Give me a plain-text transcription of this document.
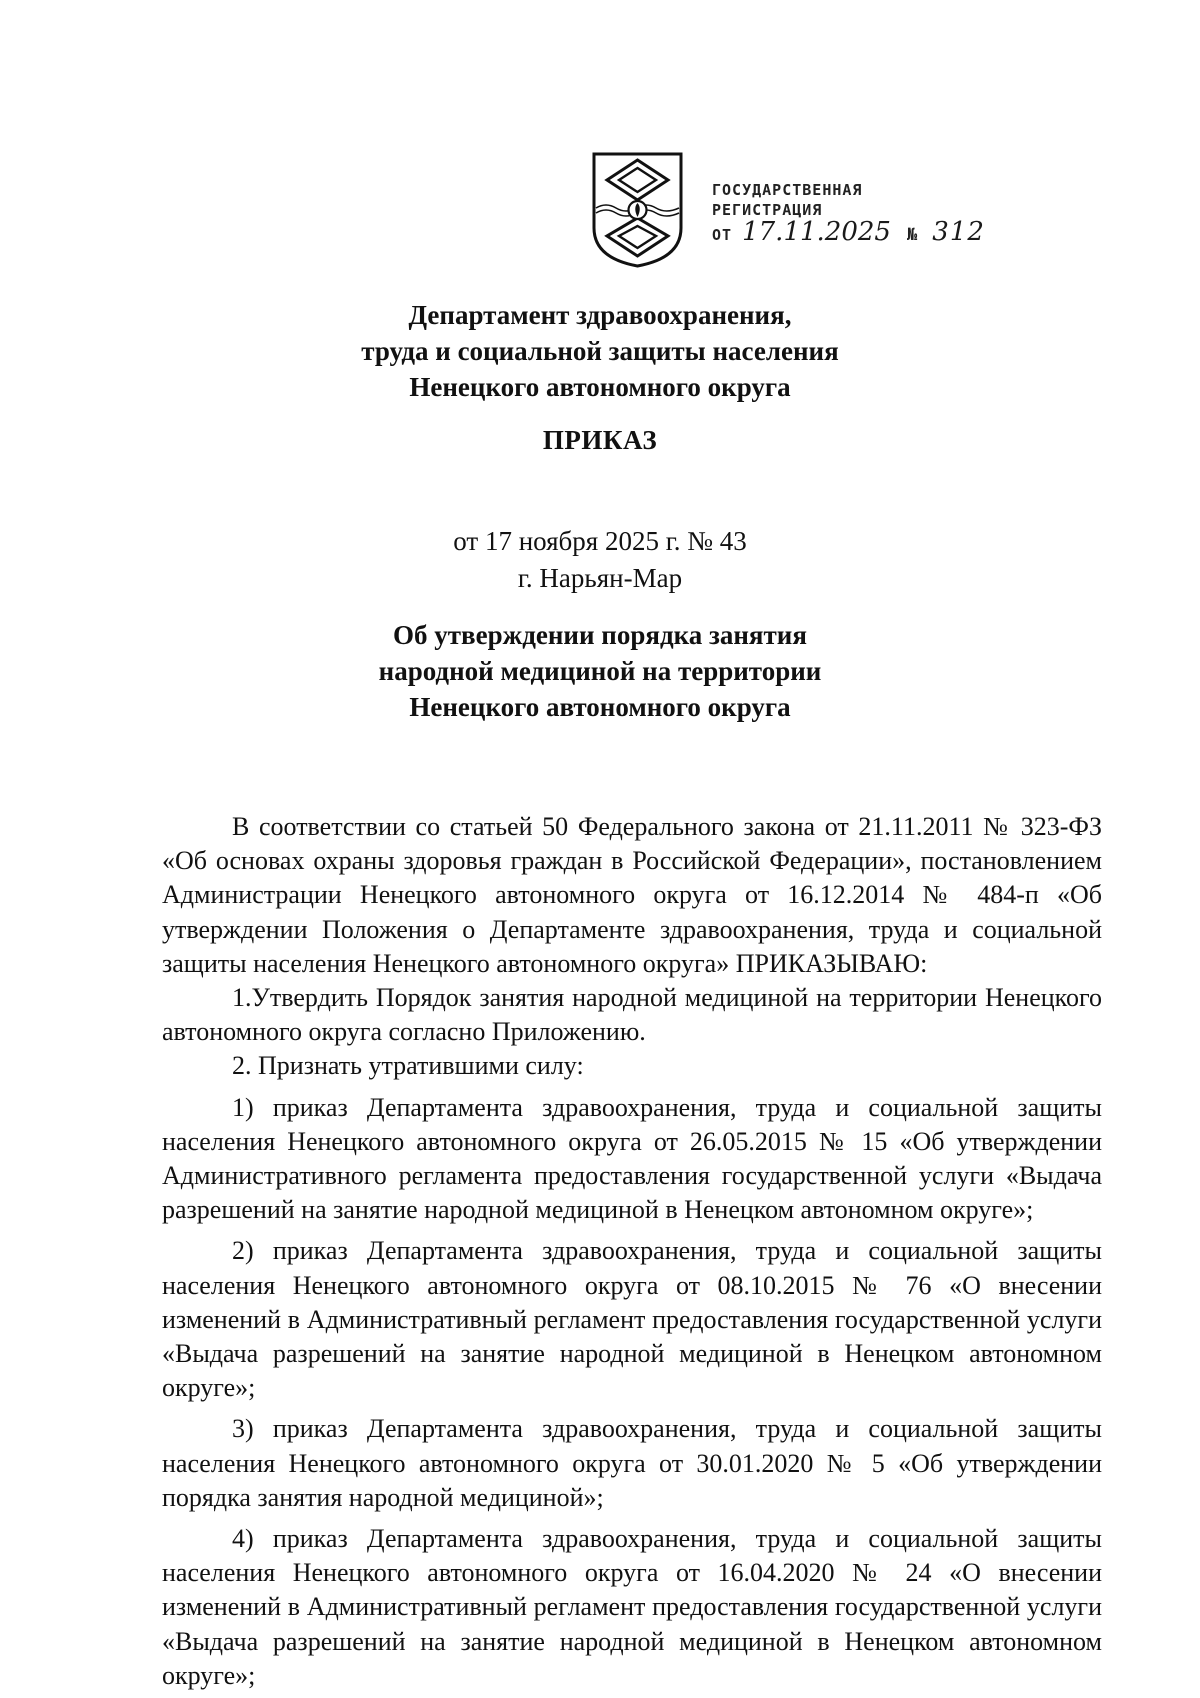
ГОСУДАРСТВЕННАЯ
РЕГИСТРАЦИЯ
ОТ 17.11.2025 № 312
Департамент здравоохранения,
труда и социальной защиты населения
Ненецкого автономного округа
ПРИКАЗ
от 17 ноября 2025 г. № 43
г. Нарьян-Мар
Об утверждении порядка занятия
народной медициной на территории
Ненецкого автономного округа

В соответствии со статьей 50 Федерального закона от 21.11.2011 № 323-ФЗ «Об основах охраны здоровья граждан в Российской Федерации», постановлением Администрации Ненецкого автономного округа от 16.12.2014 № 484-п «Об утверждении Положения о Департаменте здравоохранения, труда и социальной защиты населения Ненецкого автономного округа» ПРИКАЗЫВАЮ:

1.Утвердить Порядок занятия народной медициной на территории Ненецкого автономного округа согласно Приложению.

2. Признать утратившими силу:

1) приказ Департамента здравоохранения, труда и социальной защиты населения Ненецкого автономного округа от 26.05.2015 № 15 «Об утверждении Административного регламента предоставления государственной услуги «Выдача разрешений на занятие народной медициной в Ненецком автономном округе»;

2) приказ Департамента здравоохранения, труда и социальной защиты населения Ненецкого автономного округа от 08.10.2015 № 76 «О внесении изменений в Административный регламент предоставления государственной услуги «Выдача разрешений на занятие народной медициной в Ненецком автономном округе»;

3) приказ Департамента здравоохранения, труда и социальной защиты населения Ненецкого автономного округа от 30.01.2020 № 5 «Об утверждении порядка занятия народной медициной»;

4) приказ Департамента здравоохранения, труда и социальной защиты населения Ненецкого автономного округа от 16.04.2020 № 24 «О внесении изменений в Административный регламент предоставления государственной услуги «Выдача разрешений на занятие народной медициной в Ненецком автономном округе»;
